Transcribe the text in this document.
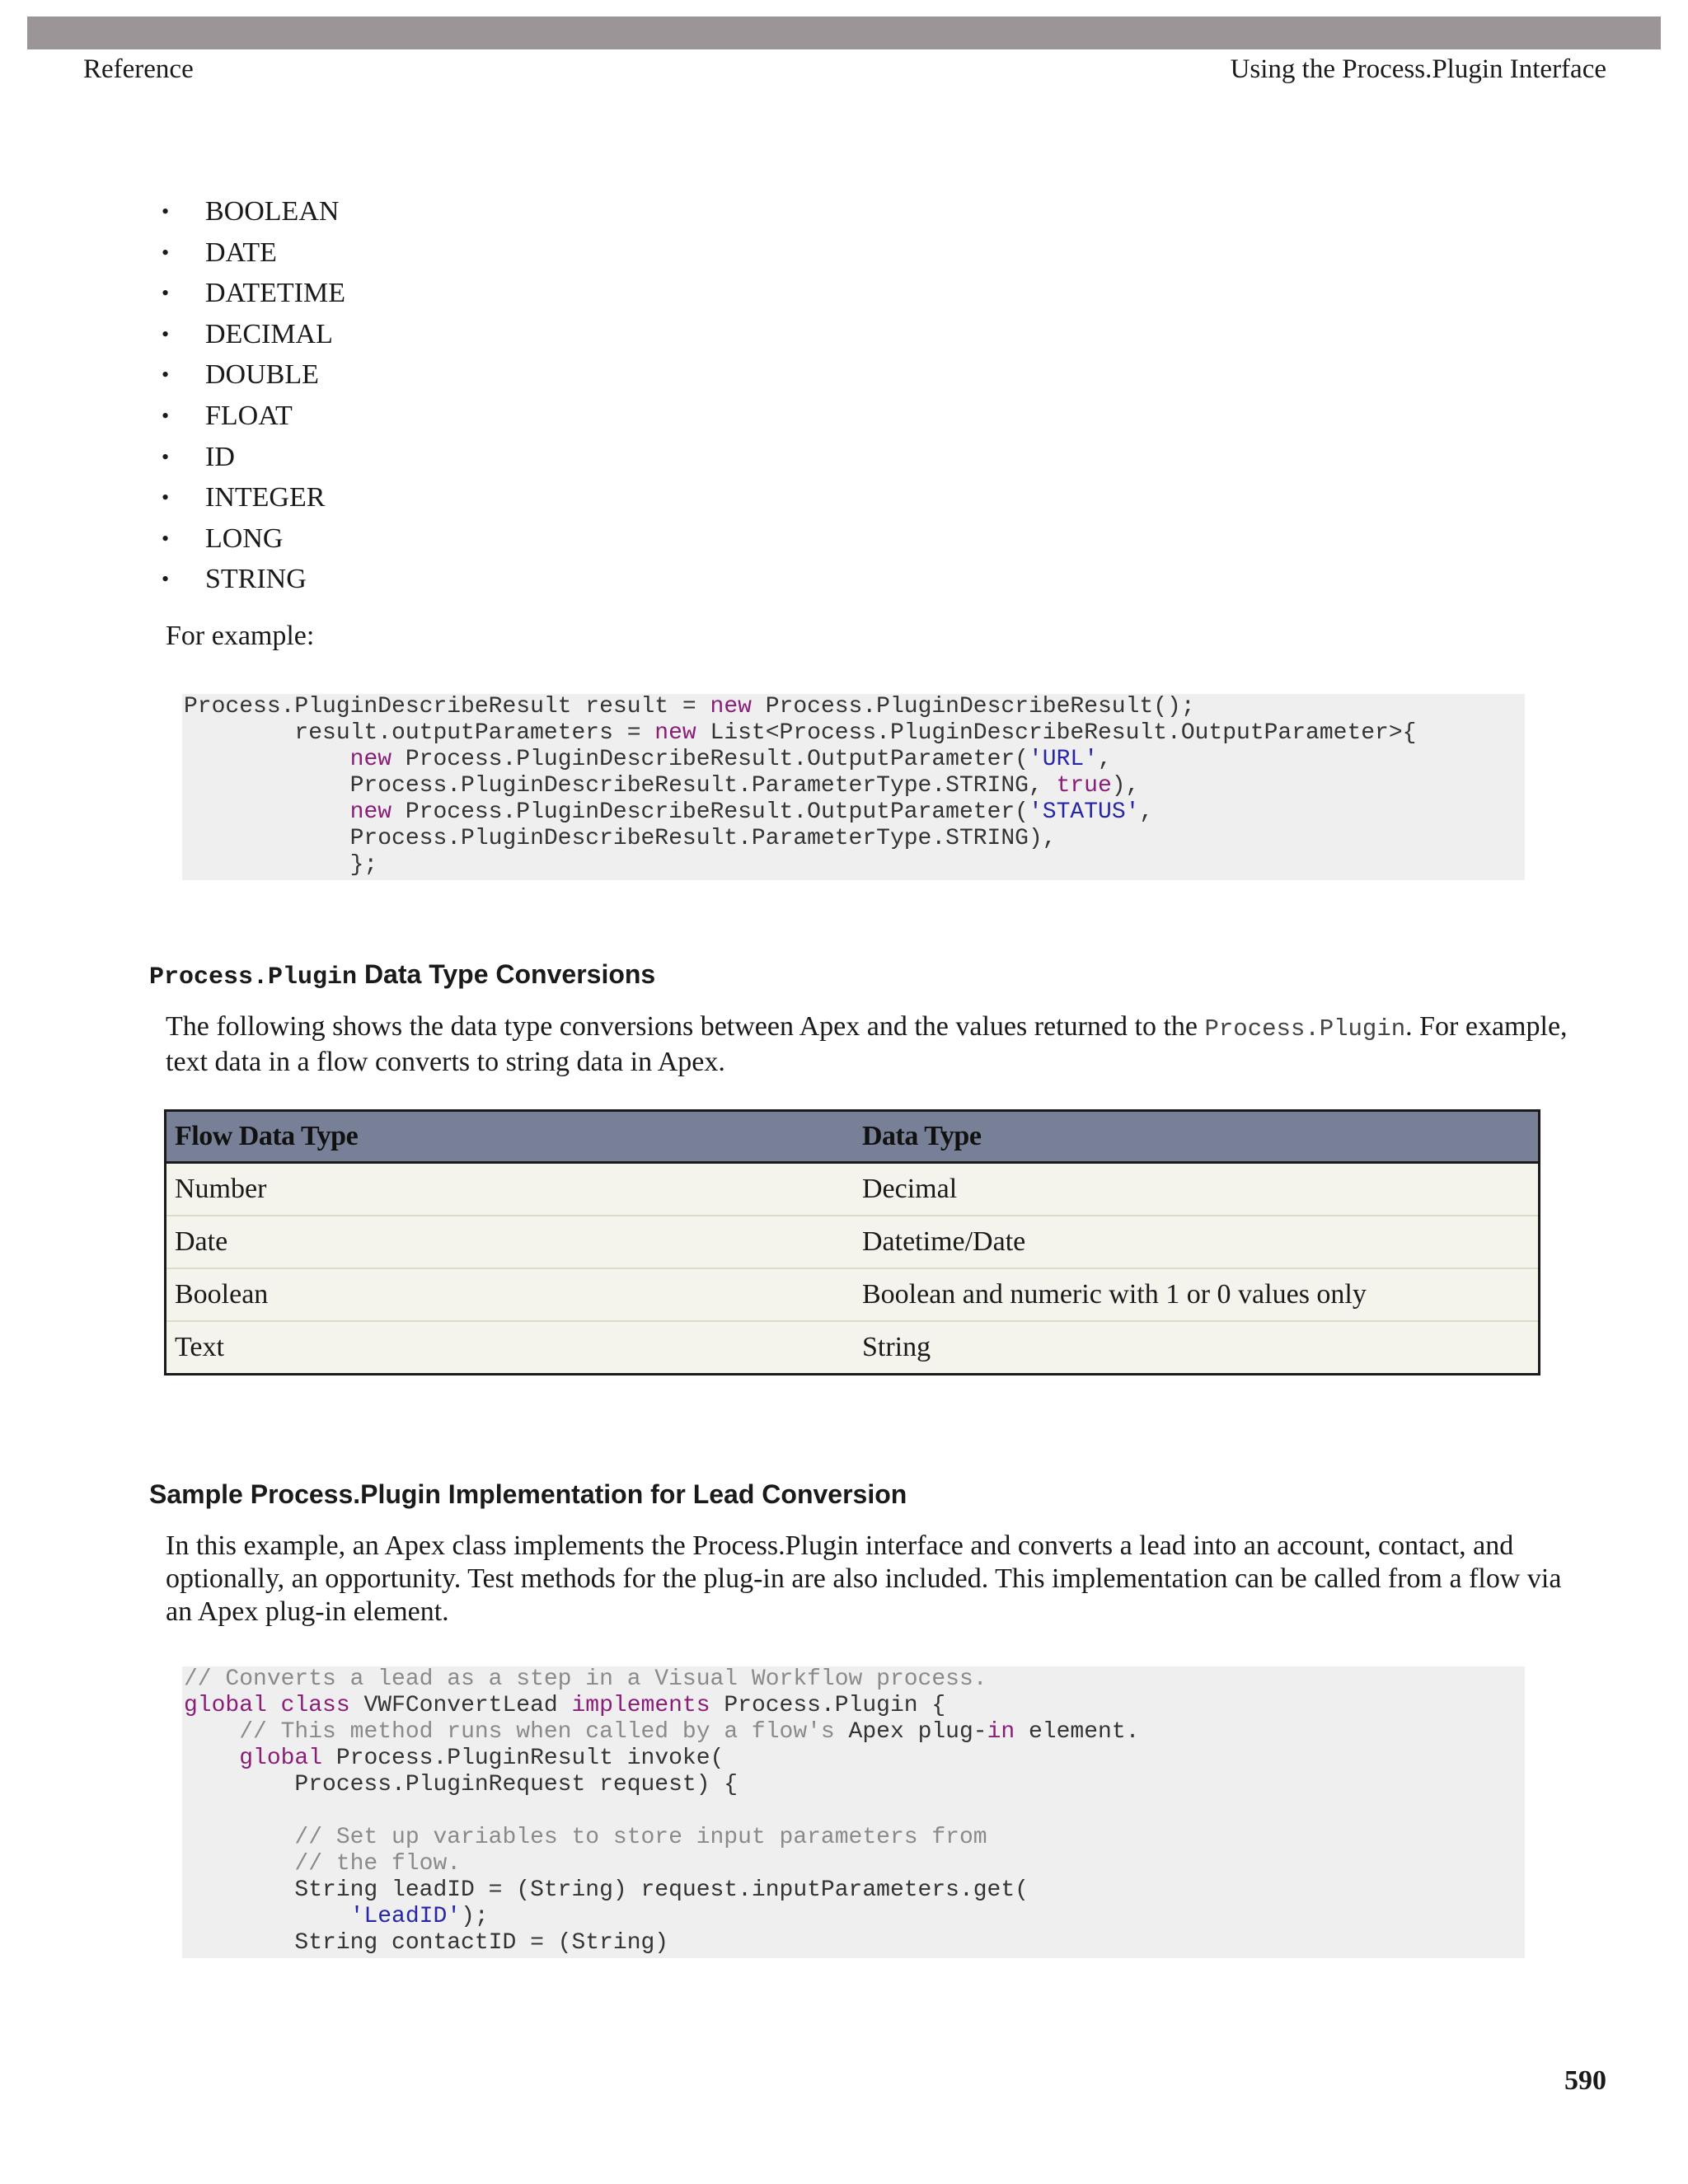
Reference	Using the Process.Plugin Interface
• BOOLEAN
• DATE
• DATETIME
• DECIMAL
• DOUBLE
• FLOAT
• ID
• INTEGER
• LONG
• STRING
For example:
Process.PluginDescribeResult result = new Process.PluginDescribeResult();
result.outputParameters = new List<Process.PluginDescribeResult.OutputParameter>{
new Process.PluginDescribeResult.OutputParameter('URL',
Process.PluginDescribeResult.ParameterType.STRING, true),
new Process.PluginDescribeResult.OutputParameter('STATUS',
Process.PluginDescribeResult.ParameterType.STRING),
};
Process.Plugin Data Type Conversions
The following shows the data type conversions between Apex and the values returned to the Process.Plugin. For example,
text data in a flow converts to string data in Apex.
Flow Data Type	Data Type
Number	Decimal
Date	Datetime/Date
Boolean	Boolean and numeric with 1 or 0 values only
Text	String
Sample Process.Plugin Implementation for Lead Conversion
In this example, an Apex class implements the Process.Plugin interface and converts a lead into an account, contact, and
optionally, an opportunity. Test methods for the plug-in are also included. This implementation can be called from a flow via
an Apex plug-in element.
// Converts a lead as a step in a Visual Workflow process.
global class VWFConvertLead implements Process.Plugin {
// This method runs when called by a flow's Apex plug-in element.
global Process.PluginResult invoke(
Process.PluginRequest request) {
// Set up variables to store input parameters from
// the flow.
String leadID = (String) request.inputParameters.get(
'LeadID');
String contactID = (String)
590
